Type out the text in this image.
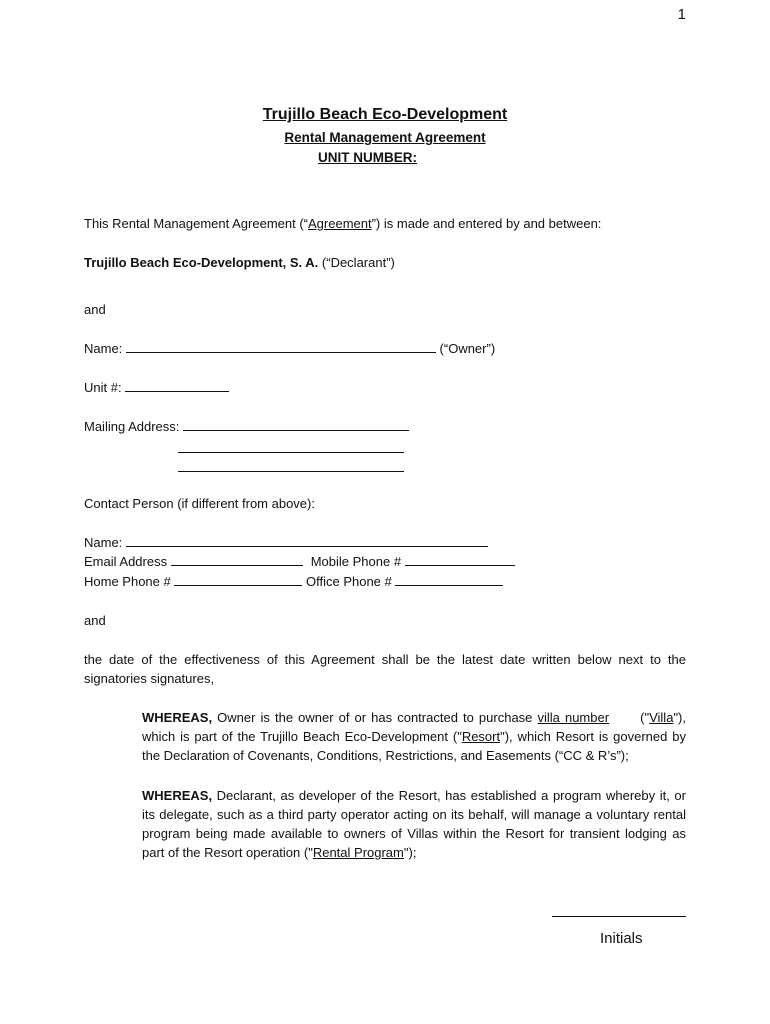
1
Trujillo Beach Eco-Development
Rental Management Agreement
UNIT NUMBER:
This Rental Management Agreement (“Agreement”) is made and entered by and between:
Trujillo Beach Eco-Development, S. A. (“Declarant”)
and
Name:	(“Owner”)
Unit #:
Mailing Address:
Contact Person (if different from above):
Name:
Email Address	Mobile Phone #
Home Phone #	Office Phone #
and
the date of the effectiveness of this Agreement shall be the latest date written below next to the signatories signatures,
WHEREAS, Owner is the owner of or has contracted to purchase villa number ("Villa"), which is part of the Trujillo Beach Eco-Development ("Resort"), which Resort is governed by the Declaration of Covenants, Conditions, Restrictions, and Easements (“CC & R’s”);
WHEREAS, Declarant, as developer of the Resort, has established a program whereby it, or its delegate, such as a third party operator acting on its behalf, will manage a voluntary rental program being made available to owners of Villas within the Resort for transient lodging as part of the Resort operation ("Rental Program");
Initials
